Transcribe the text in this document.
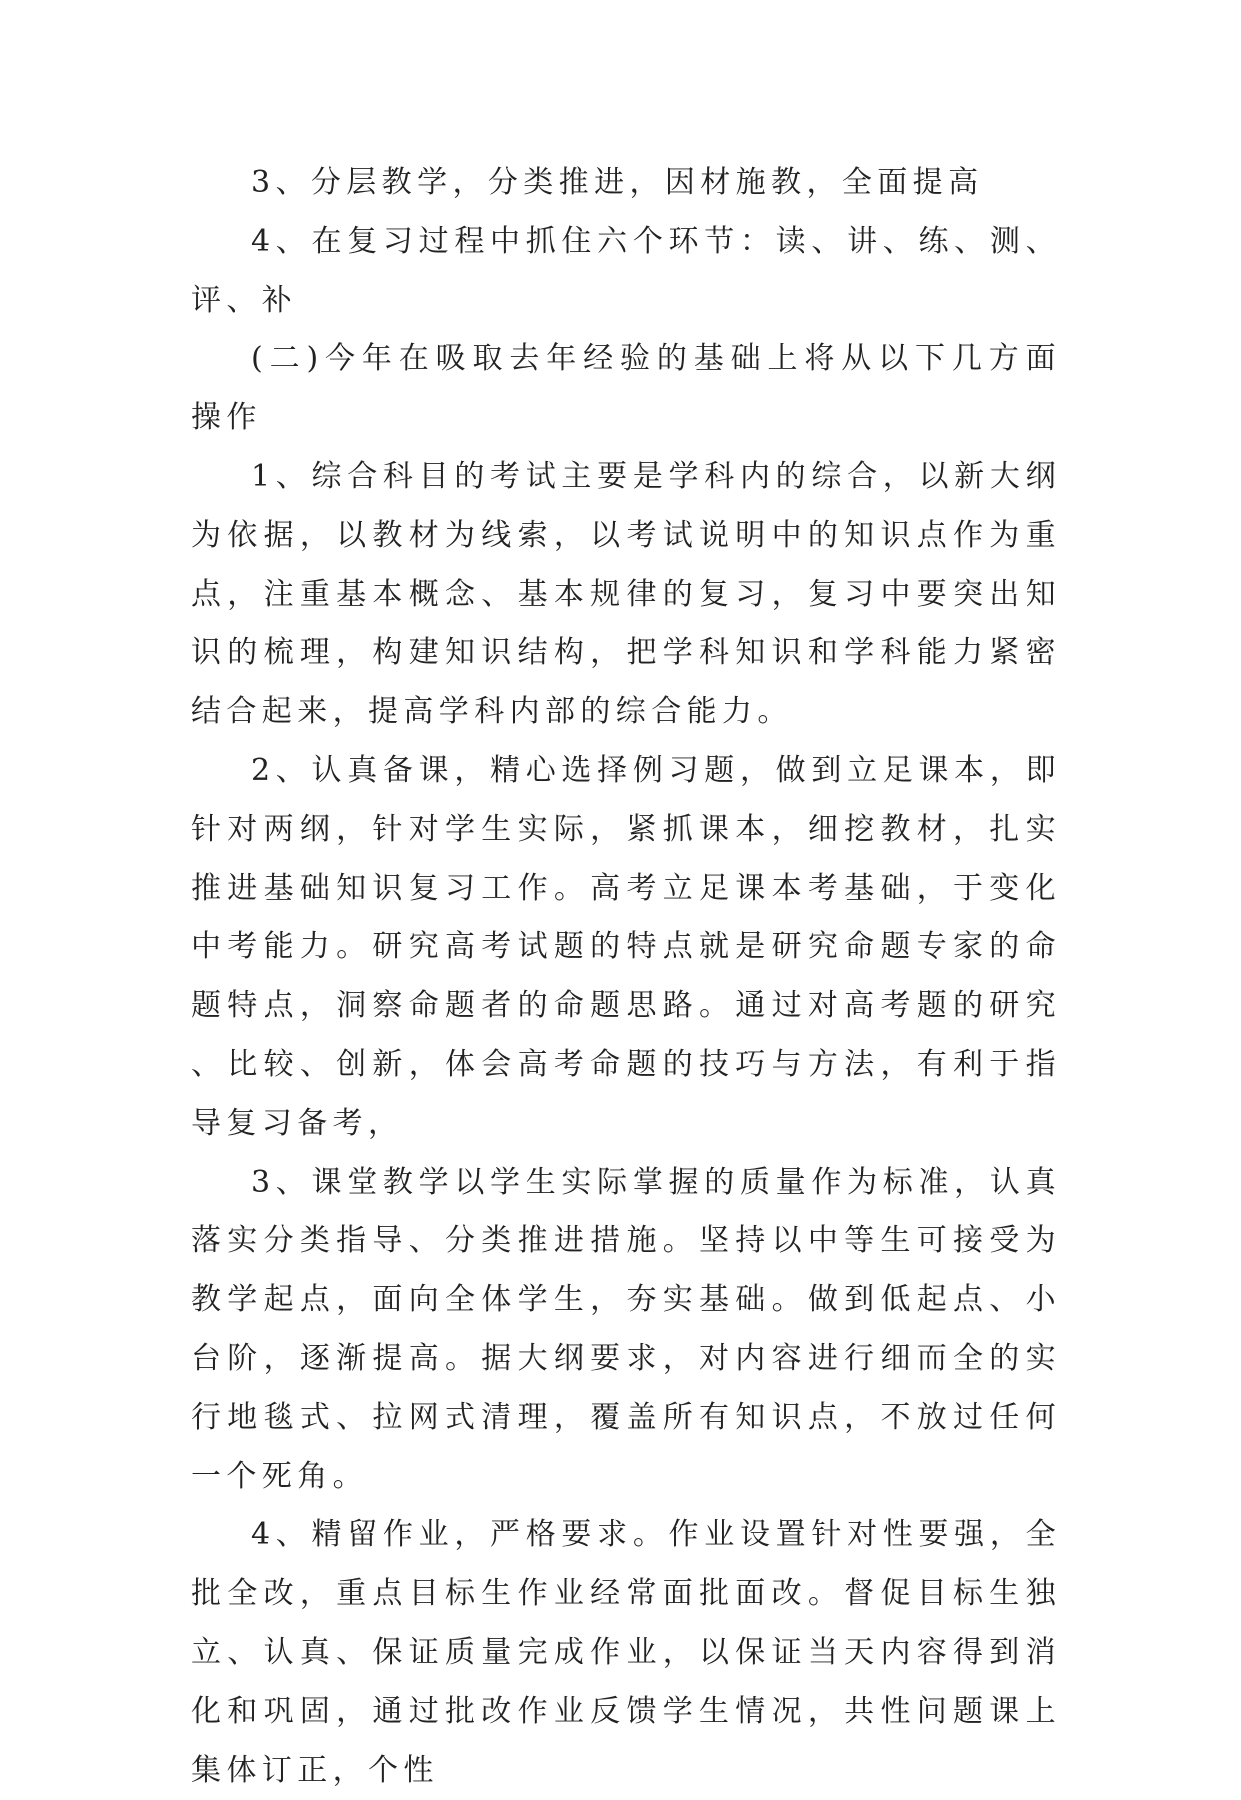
3、分层教学，分类推进，因材施教，全面提高

4、在复习过程中抓住六个环节：读、讲、练、测、评、补

(二)今年在吸取去年经验的基础上将从以下几方面操作

1、综合科目的考试主要是学科内的综合，以新大纲为依据，以教材为线索，以考试说明中的知识点作为重点，注重基本概念、基本规律的复习，复习中要突出知识的梳理，构建知识结构，把学科知识和学科能力紧密结合起来，提高学科内部的综合能力。

2、认真备课，精心选择例习题，做到立足课本，即针对两纲，针对学生实际，紧抓课本，细挖教材，扎实推进基础知识复习工作。高考立足课本考基础，于变化中考能力。研究高考试题的特点就是研究命题专家的命题特点，洞察命题者的命题思路。通过对高考题的研究、比较、创新，体会高考命题的技巧与方法，有利于指导复习备考，

3、课堂教学以学生实际掌握的质量作为标准，认真落实分类指导、分类推进措施。坚持以中等生可接受为教学起点，面向全体学生，夯实基础。做到低起点、小台阶，逐渐提高。据大纲要求，对内容进行细而全的实行地毯式、拉网式清理，覆盖所有知识点，不放过任何一个死角。

4、精留作业，严格要求。作业设置针对性要强，全批全改，重点目标生作业经常面批面改。督促目标生独立、认真、保证质量完成作业，以保证当天内容得到消化和巩固，通过批改作业反馈学生情况，共性问题课上集体订正，个性
